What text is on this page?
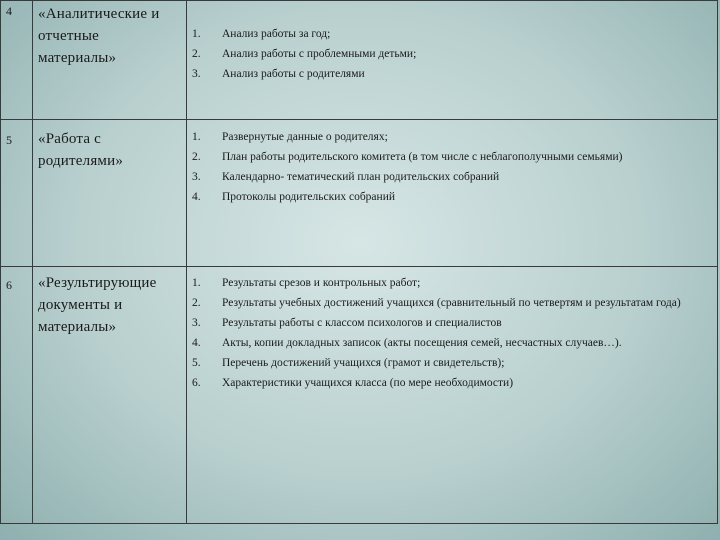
4 «Аналитические и отчетные материалы»
1.	Анализ работы за год;
2.	Анализ работы с проблемными детьми;
3.	Анализ работы с родителями
5 «Работа с родителями»
1.	Развернутые данные о родителях;
2.	План работы родительского комитета (в том числе с неблагополучными семьями)
3.	Календарно- тематический план родительских собраний
4.	Протоколы родительских собраний
6 «Результирующие документы и материалы»
1.	Результаты срезов и контрольных работ;
2.	Результаты учебных достижений учащихся (сравнительный по четвертям и результатам года)
3.	Результаты работы с классом психологов и специалистов
4.	Акты, копии докладных записок (акты посещения семей, несчастных случаев…).
5.	Перечень достижений учащихся (грамот и свидетельств);
6.	Характеристики учащихся класса (по мере необходимости)
